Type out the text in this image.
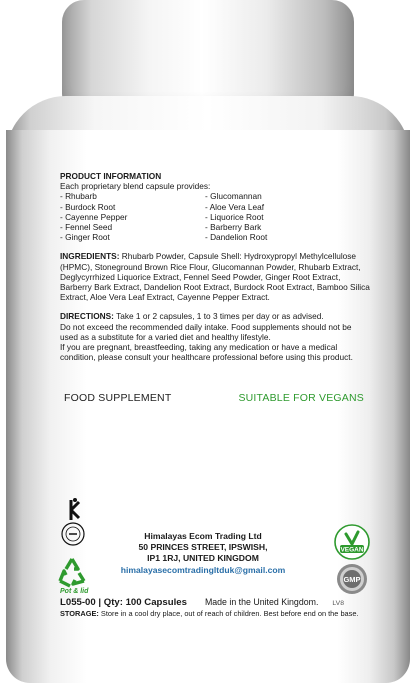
PRODUCT INFORMATION
Each proprietary blend capsule provides:
- Rhubarb
- Burdock Root
- Cayenne Pepper
- Fennel Seed
- Ginger Root
- Glucomannan
- Aloe Vera Leaf
- Liquorice Root
- Barberry Bark
- Dandelion Root
INGREDIENTS: Rhubarb Powder, Capsule Shell: Hydroxypropyl Methylcellulose (HPMC), Stoneground Brown Rice Flour, Glucomannan Powder, Rhubarb Extract, Deglycyrrhized Liquorice Extract, Fennel Seed Powder, Ginger Root Extract, Barberry Bark Extract, Dandelion Root Extract, Burdock Root Extract, Bamboo Silica Extract, Aloe Vera Leaf Extract, Cayenne Pepper Extract.

DIRECTIONS: Take 1 or 2 capsules, 1 to 3 times per day or as advised.

Do not exceed the recommended daily intake. Food supplements should not be used as a substitute for a varied diet and healthy lifestyle.

If you are pregnant, breastfeeding, taking any medication or have a medical condition, please consult your healthcare professional before using this product.

FOOD SUPPLEMENT	SUITABLE FOR VEGANS
Pot & lid
Himalayas Ecom Trading Ltd
50 PRINCES STREET, IPSWISH,
IP1 1RJ, UNITED KINGDOM
himalayasecomtradingltduk@gmail.com
VEGAN
GMP
L055-00 | Qty: 100 Capsules Made in the United Kingdom. LV8
STORAGE: Store in a cool dry place, out of reach of children. Best before end on the base.
